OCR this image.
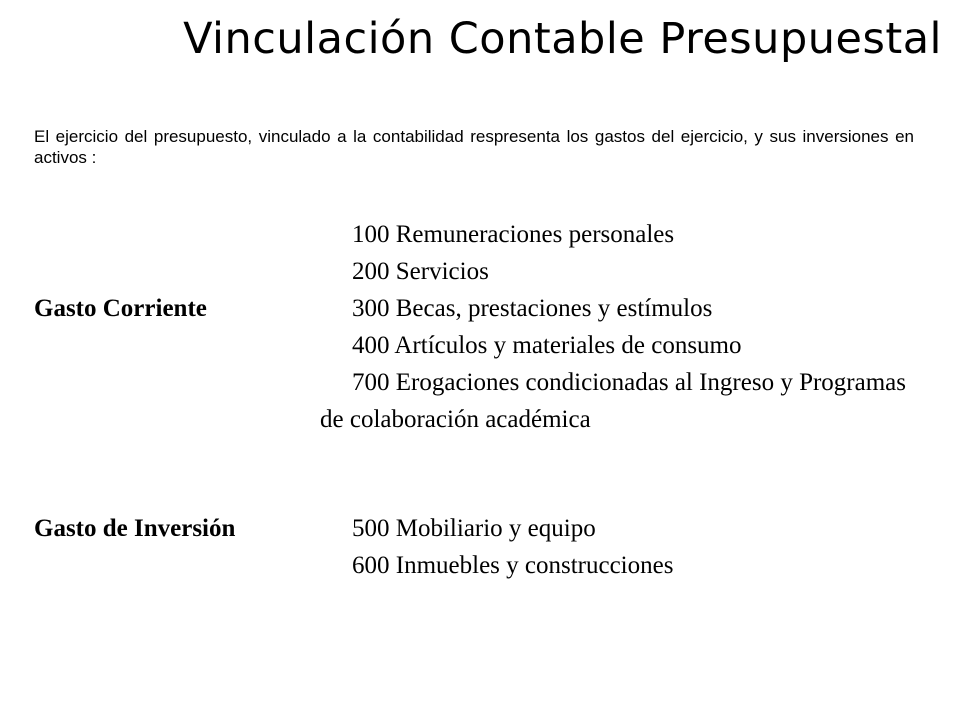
Vinculación Contable Presupuestal

El ejercicio del presupuesto, vinculado a la contabilidad respresenta los gastos del ejercicio, y sus inversiones en activos :

Gasto Corriente
100 Remuneraciones personales
200 Servicios
300 Becas, prestaciones y estímulos
400 Artículos y materiales de consumo
700 Erogaciones condicionadas al Ingreso y Programas de colaboración académica
Gasto de Inversión	500 Mobiliario y equipo
600 Inmuebles y construcciones
